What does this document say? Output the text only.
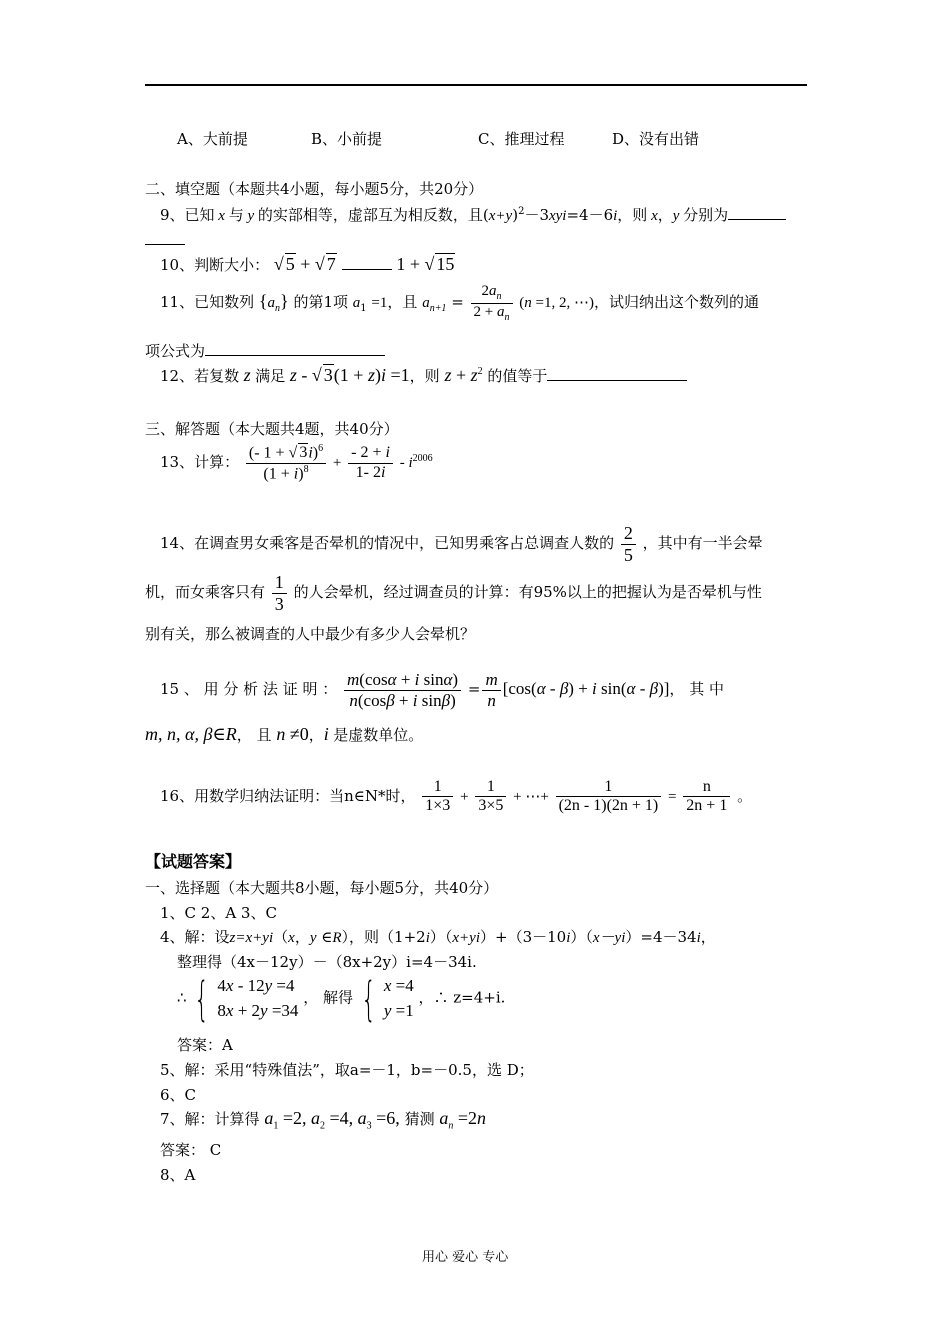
A、大前提	B、小前提	C、推理过程	D、没有出错
二、填空题（本题共4小题，每小题5分，共20分）
9、已知 x 与 y 的实部相等，虚部互为相反数，且$(x+y)^2-3xyi=4-6i$，则 x，y 分别为
10、判断大小： √ 5 + √ 7	1 + √ 15
11、已知数列 $\{a_n\}$ 的第1项 $a_1 =1$，且 $a_{n+1} = \frac{2a_n}{2 + a_n} (n =1$, 2, ⋯)，试归纳出这个数列的通
项公式为
12、若复数 z 满足 z - √ 3(1 + z)i =1，则 $z + z^2$ 的值等于
三、解答题（本大题共4题，共40分）
13、计算： $\frac{(- 1 + √ 3i)^6}{(1 + i)^8} + \frac{- 2 + i}{1- 2i} - i^{2006}$
14、在调查男女乘客是否晕机的情况中，已知男乘客占总调查人数的 $\frac{2}{5}$ ，其中有一半会晕
机，而女乘客只有 $\frac{1}{3}$ 的人会晕机，经过调查员的计算：有95%以上的把握认为是否晕机与性
别有关，那么被调查的人中最少有多少人会晕机？
15 、 用 分 析 法 证 明 ： $\frac{\text{m(cosα + i sinα)}}{\text{n(cosβ + i sinβ)}} = \frac{m}{n} [\cos(\alpha - \beta) + i$ sin(α - β)]， 其 中
m, n, α, β∈R， 且 n ≠0，i 是虚数单位。
16、用数学归纳法证明：当n∈N*时， $\frac{1}{1\times 3} + \frac{1}{3\times 5}$ + ⋯+ $\frac{1}{(2n - 1)(2n + 1)} = \frac{n}{2n + 1}$ 。
【试题答案】
一、选择题（本大题共8小题，每小题5分，共40分）
1、C 2、A 3、C
4、解：设z=x+yi（x，y ∈R），则（1+2i）（x+yi）+（3－10i）（x－yi）=4－34i，
整理得（4x－12y）－（8x+2y）i=4－34i.
∴ { 4x - 12y =4
8x + 2y =34
， 解得 { x =4
y =1
，∴ z=4+i.
答案：A
5、解：采用“特殊值法”，取a=－1，b=－0.5，选 D；
6、C
7、解：计算得 $a_1 =2$, $a_2 =4$, $a_3 =6$, 猜测 $a_n =2n$
答案： C
8、A
用心 爱心 专心
